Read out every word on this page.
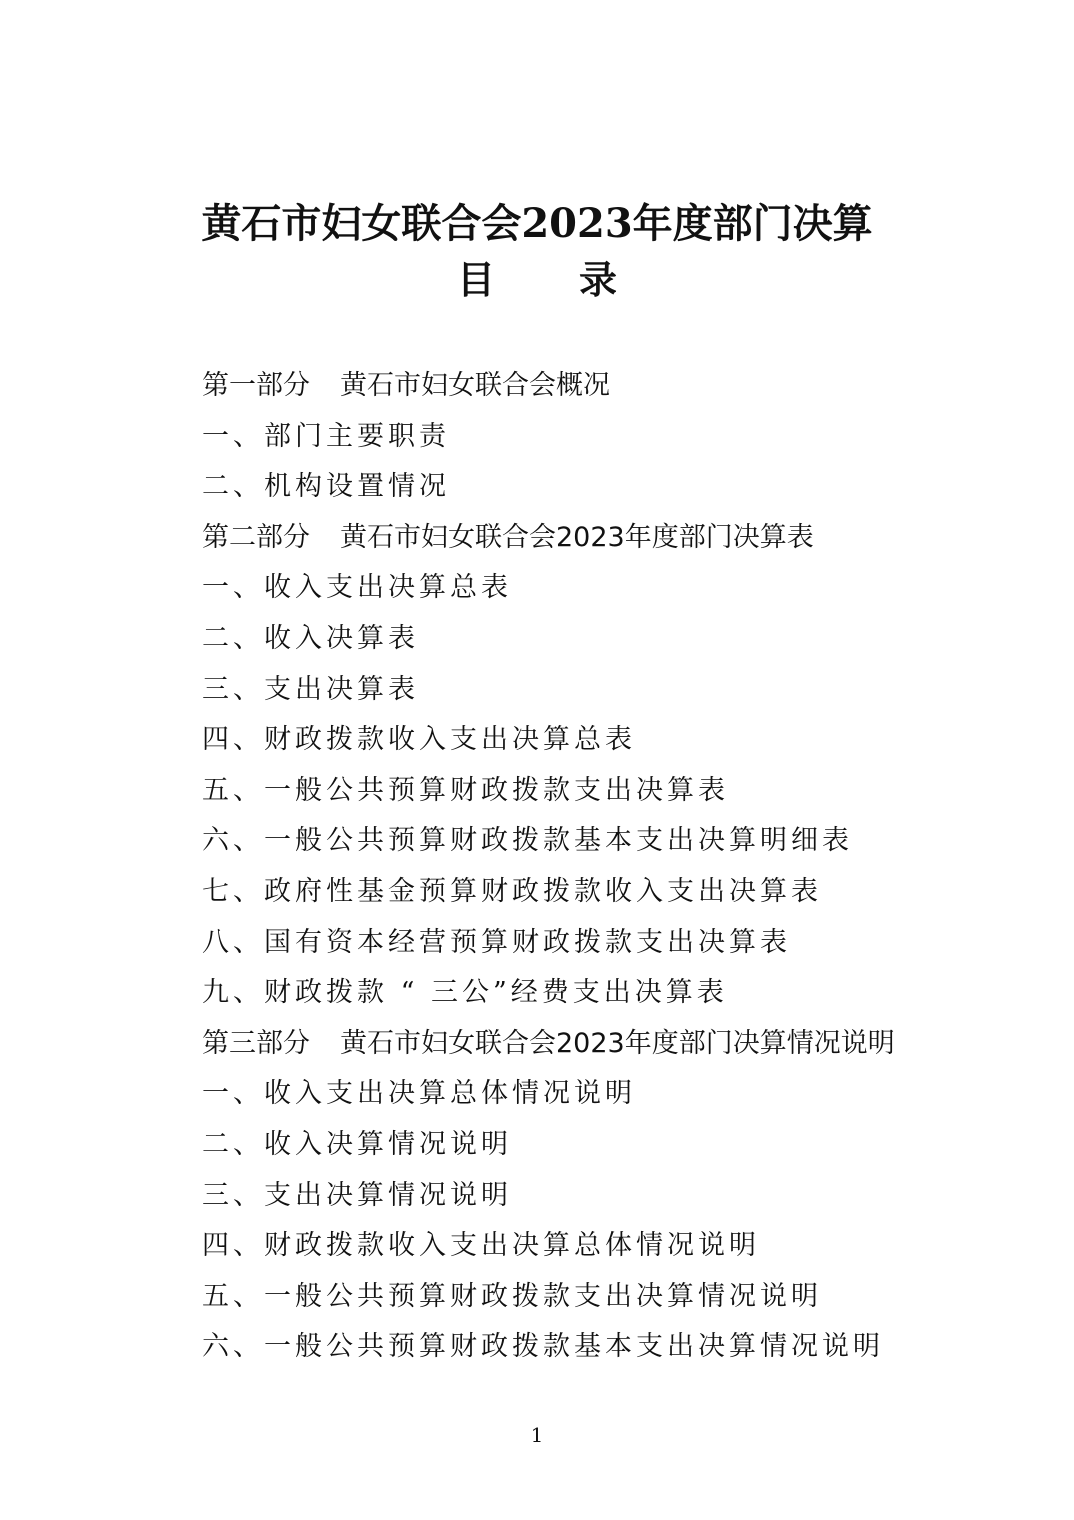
黄石市妇女联合会2023年度部门决算
目 录
第一部分 黄石市妇女联合会概况
一、部门主要职责
二、机构设置情况
第二部分 黄石市妇女联合会2023年度部门决算表
一、收入支出决算总表
二、收入决算表
三、支出决算表
四、财政拨款收入支出决算总表
五、一般公共预算财政拨款支出决算表
六、一般公共预算财政拨款基本支出决算明细表
七、政府性基金预算财政拨款收入支出决算表
八、国有资本经营预算财政拨款支出决算表
九、财政拨款 “ 三公”经费支出决算表
第三部分 黄石市妇女联合会2023年度部门决算情况说明
一、收入支出决算总体情况说明
二、收入决算情况说明
三、支出决算情况说明
四、财政拨款收入支出决算总体情况说明
五、一般公共预算财政拨款支出决算情况说明
六、一般公共预算财政拨款基本支出决算情况说明
1
